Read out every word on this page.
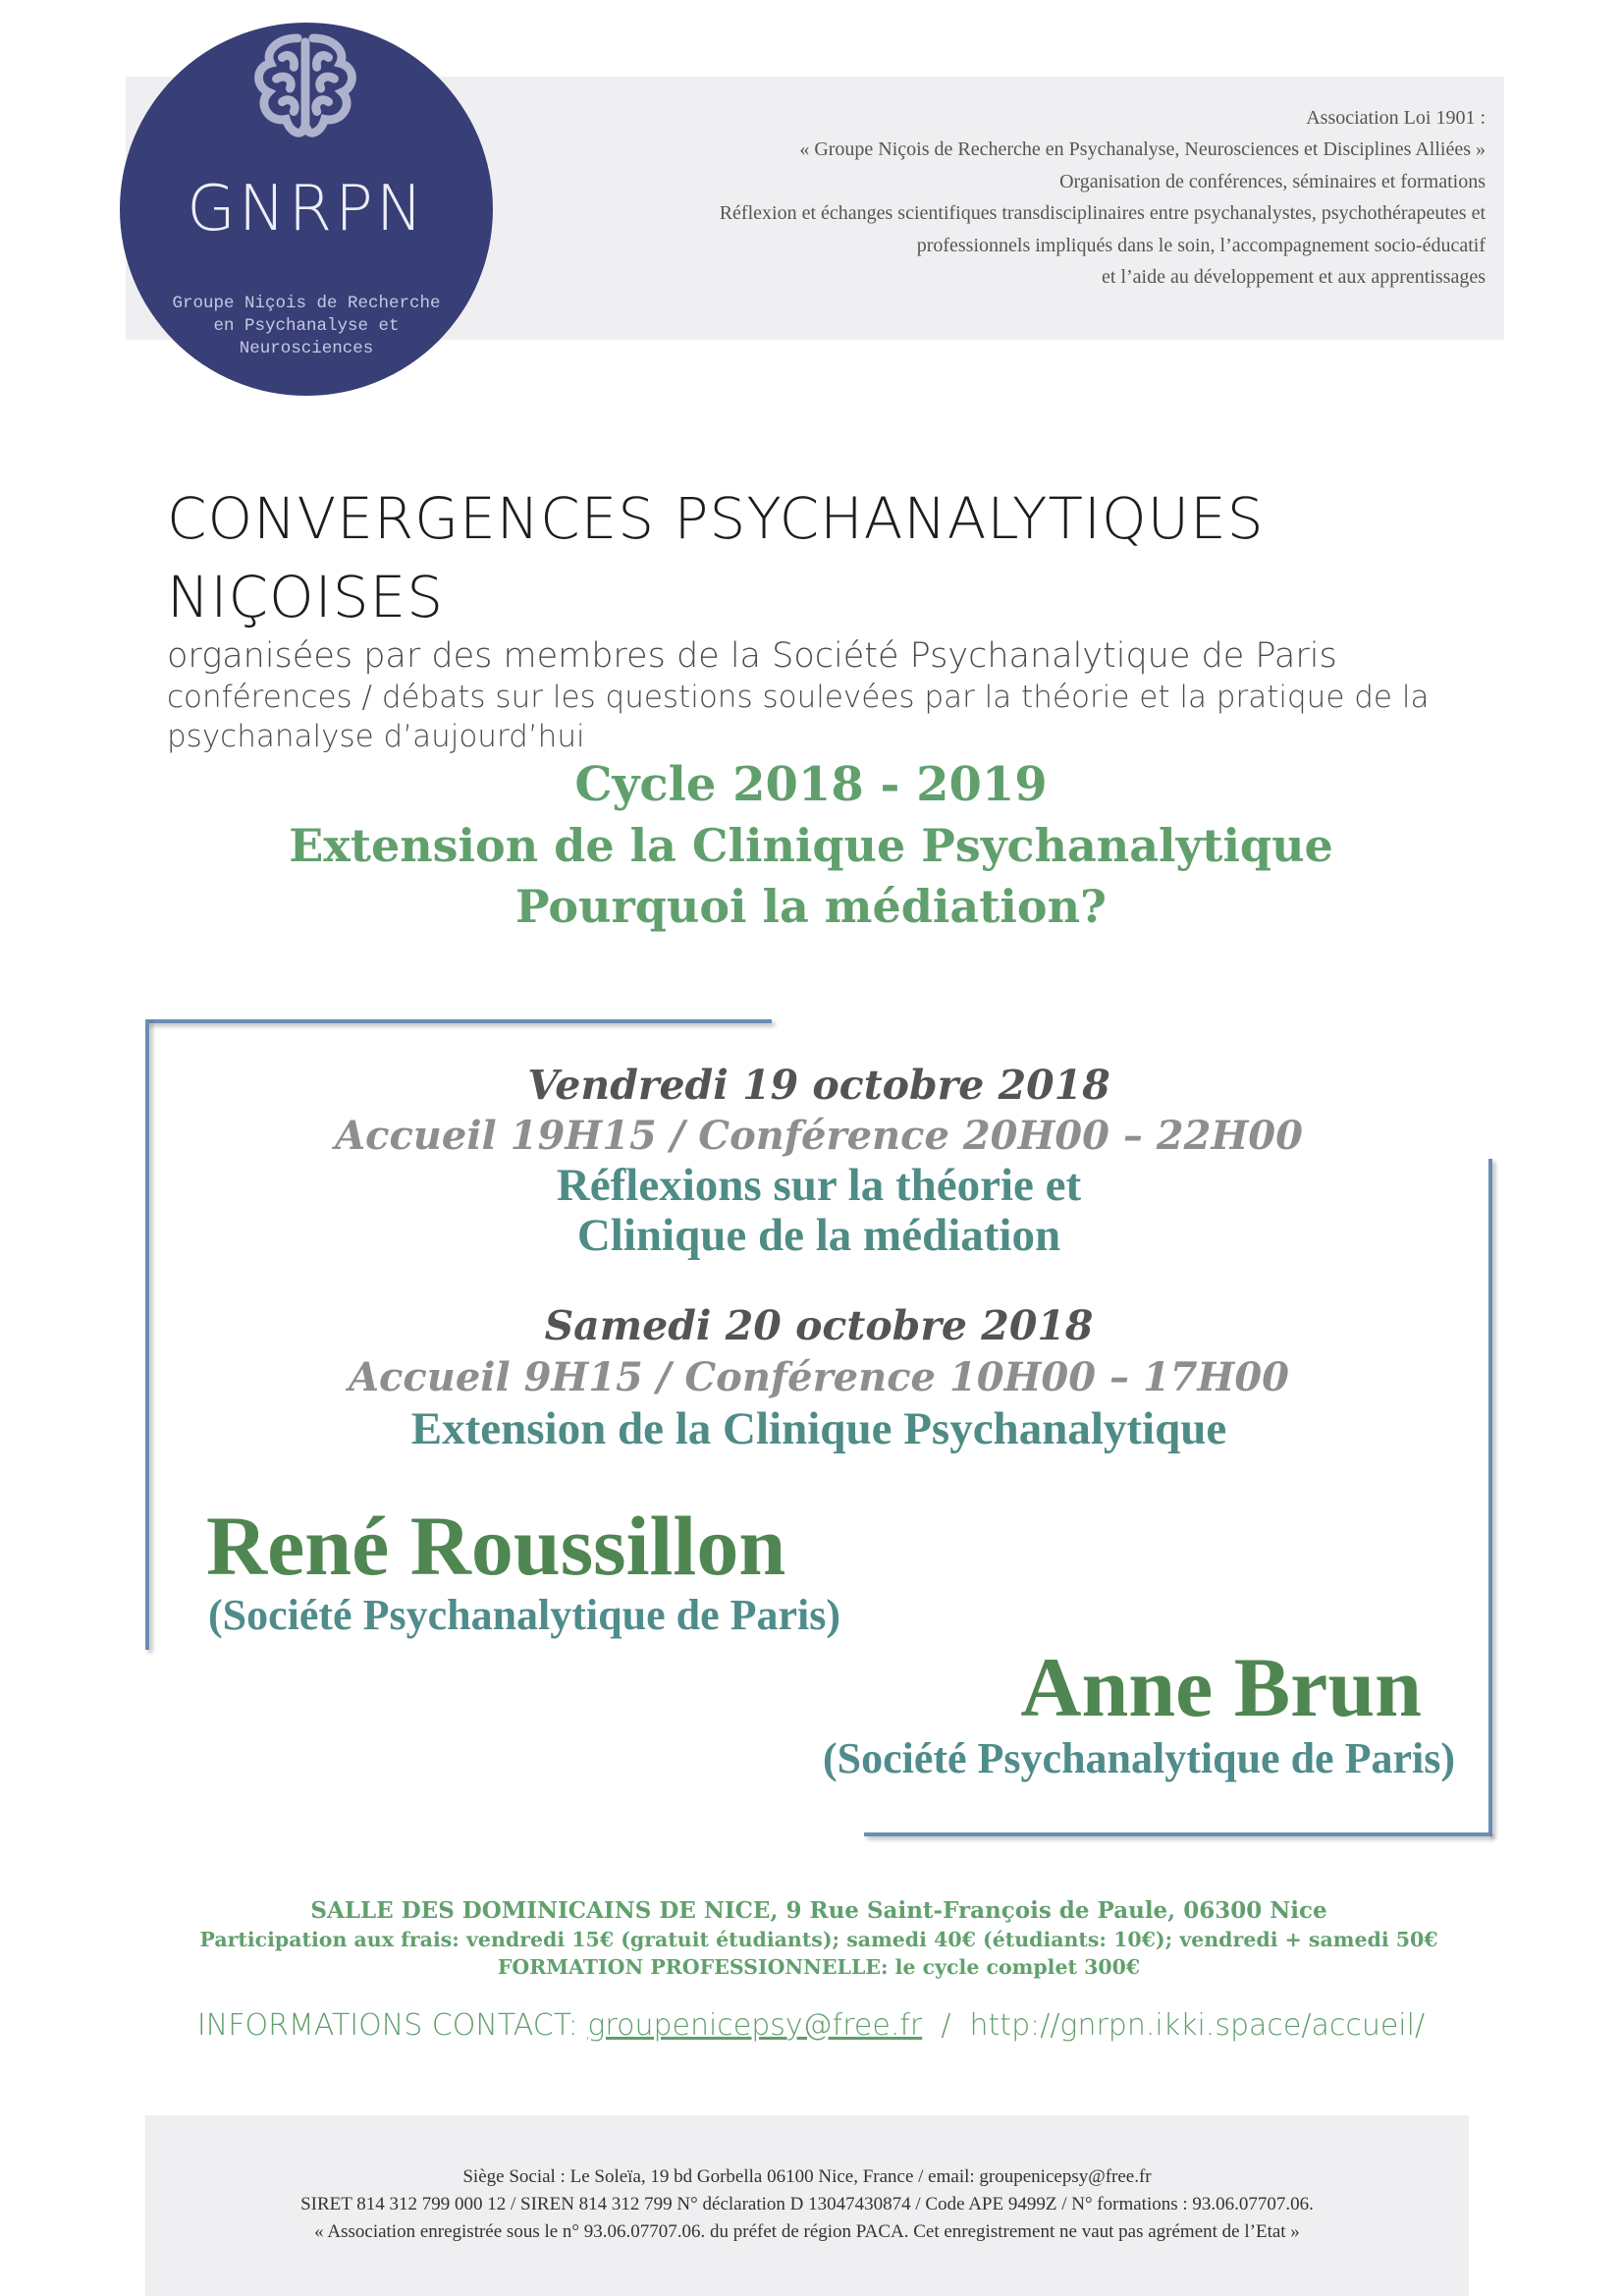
GNRPN
Groupe Niçois de Recherche
en Psychanalyse et
Neurosciences
Association Loi 1901 :
« Groupe Niçois de Recherche en Psychanalyse, Neurosciences et Disciplines Alliées »
Organisation de conférences, séminaires et formations
Réflexion et échanges scientifiques transdisciplinaires entre psychanalystes, psychothérapeutes et
professionnels impliqués dans le soin, l’accompagnement socio-éducatif
et l’aide au développement et aux apprentissages
CONVERGENCES PSYCHANALYTIQUES
NIÇOISES
organisées par des membres de la Société Psychanalytique de Paris
conférences / débats sur les questions soulevées par la théorie et la pratique de la
psychanalyse d’aujourd’hui
Cycle 2018 - 2019
Extension de la Clinique Psychanalytique
Pourquoi la médiation?
Vendredi 19 octobre 2018
Accueil 19H15 / Conférence 20H00 – 22H00
Réflexions sur la théorie et
Clinique de la médiation
Samedi 20 octobre 2018
Accueil 9H15 / Conférence 10H00 – 17H00
Extension de la Clinique Psychanalytique
René Roussillon
(Société Psychanalytique de Paris)
Anne Brun
(Société Psychanalytique de Paris)
SALLE DES DOMINICAINS DE NICE, 9 Rue Saint-François de Paule, 06300 Nice
Participation aux frais: vendredi 15€ (gratuit étudiants); samedi 40€ (étudiants: 10€); vendredi + samedi 50€
FORMATION PROFESSIONNELLE: le cycle complet 300€
INFORMATIONS CONTACT: groupenicepsy@free.fr  /  http://gnrpn.ikki.space/accueil/
Siège Social : Le Soleïa, 19 bd Gorbella 06100 Nice, France / email: groupenicepsy@free.fr
SIRET 814 312 799 000 12 / SIREN 814 312 799 N° déclaration D 13047430874 / Code APE 9499Z / N° formations : 93.06.07707.06.
« Association enregistrée sous le n° 93.06.07707.06. du préfet de région PACA. Cet enregistrement ne vaut pas agrément de l’Etat »
